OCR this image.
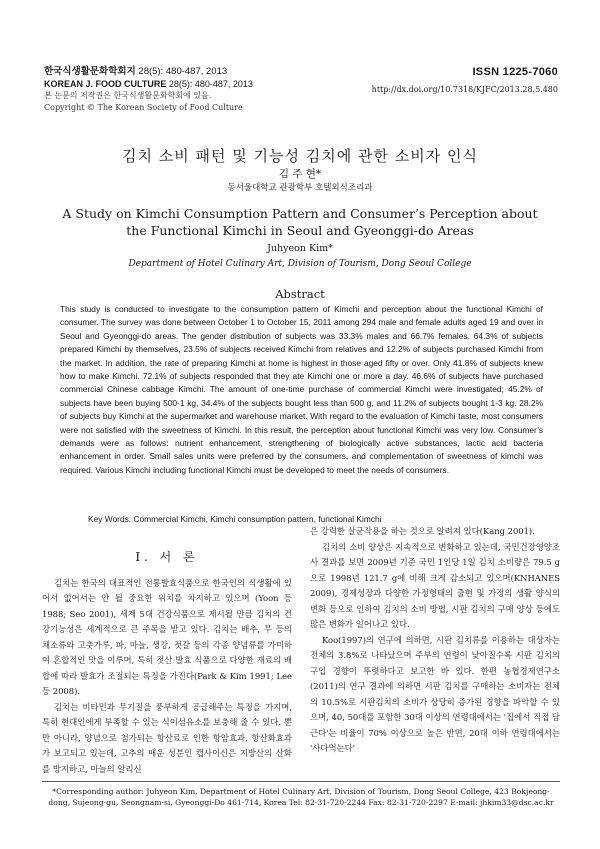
한국식생활문화학회지 28(5): 480-487, 2013
KOREAN J. FOOD CULTURE 28(5): 480-487, 2013
본 논문의 저작권은 한국식생활문화학회에 있음.
Copyright © The Korean Society of Food Culture
ISSN 1225-7060
http://dx.doi.org/10.7318/KJFC/2013.28.5.480
김치 소비 패턴 및 기능성 김치에 관한 소비자 인식
김 주 현*
동서울대학교 관광학부 호텔외식조리과
A Study on Kimchi Consumption Pattern and Consumer’s Perception about the Functional Kimchi in Seoul and Gyeonggi-do Areas
Juhyeon Kim*
Department of Hotel Culinary Art, Division of Tourism, Dong Seoul College
Abstract
This study is conducted to investigate to the consumption pattern of Kimchi and perception about the functional Kimchi of consumer. The survey was done between October 1 to October 15, 2011 among 294 male and female adults aged 19 and over in Seoul and Gyeonggi-do areas. The gender distribution of subjects was 33.3% males and 66.7% females. 64.3% of subjects prepared Kimchi by themselves, 23.5% of subjects received Kimchi from relatives and 12.2% of subjects purchased Kimchi from the market. In addition, the rate of preparing Kimchi at home is highest in those aged fifty or over. Only 41.8% of subjects knew how to make Kimchi. 72.1% of subjects responded that they ate Kimchi one or more a day. 46.6% of subjects have purchased commercial Chinese cabbage Kimchi. The amount of one-time purchase of commercial Kimchi were investigated; 45.2% of subjects have been buying 500-1 kg, 34.4% of the subjects bought less than 500 g, and 11.2% of subjects bought 1-3 kg. 28.2% of subjects buy Kimchi at the supermarket and warehouse market. With regard to the evaluation of Kimchi taste, most consumers were not satisfied with the sweetness of Kimchi. In this result, the perception about functional Kimchi was very low. Consumer’s demands were as follows: nutrient enhancement, strengthening of biologically active substances, lactic acid bacteria enhancement in order. Small sales units were preferred by the consumers, and complementation of sweetness of kimchi was required. Various Kimchi including functional Kimchi must be developed to meet the needs of consumers.
Key Words: Commercial Kimchi, Kimchi consumption pattern, functional Kimchi
Ⅰ. 서 론

김치는 한국의 대표적인 전통발효식품으로 한국인의 식생활에 있어서 없어서는 안 될 중요한 위치를 차지하고 있으며 (Yoon 등 1988; Seo 2001), 세계 5대 건강식품으로 제시될 만큼 김치의 건강기능성은 세계적으로 큰 주목을 받고 있다. 김치는 배추, 무 등의 채소류와 고춧가루, 파, 마늘, 생강, 젓갈 등의 각종 양념류를 가미하여 혼합적인 맛을 이루며, 특히 젓산 발효 식품으로 다양한 재료의 배합에 따라 발효가 조절되는 특징을 가진다(Park & Kim 1991; Lee 등 2008).

김치는 비타민과 무기질을 풍부하게 공급해주는 특징을 가지며, 특히 현대인에게 부족할 수 있는 식이섬유소를 보충해 줄 수 있다. 뿐 만 아니라, 양념으로 첨가되는 항산료로 인한 항암효과, 항산화효과가 보고되고 있는데, 고추의 매운 성분인 캡사이신은 지방산의 산화를 방지하고, 마늘의 알리신

은 강력한 살균작용을 하는 것으로 알려져 있다(Kang 2001).

김치의 소비 양상은 지속적으로 변화하고 있는데, 국민건강영양조사 결과를 보면 2009년 기준 국민 1인당 1일 김치 소비량은 79.5 g으로 1998년 121.7 g에 비해 크게 감소되고 있으며(KNHANES 2009), 경제성장과 다양한 가정형태의 출현 및 가정의 생활 양식의 변화 등으로 인하여 김치의 소비 방법, 시판 김치의 구매 양상 등에도 많은 변화가 일어나고 있다.

Koo(1997)의 연구에 의하면, 시판 김치류를 이용하는 대상자는 전체의 3.8%로 나타났으며 주부의 연령이 낮아질수록 시판 김치의 구입 경향이 뚜렷하다고 보고한 바 있다. 한편 농협경제연구소(2011)의 연구 결과에 의하면 시판 김치를 구매하는 소비자는 전체의 10.5%로 시판김치의 소비가 상당히 증가된 경향을 파악할 수 있으며, 40, 50대를 포함한 30대 이상의 연령대에서는 '집에서 직접 담근다'는 비율이 70% 이상으로 높은 반면, 20대 이하 연령대에서는 '사다먹는다'

*Corresponding author: Juhyeon Kim, Department of Hotel Culinary Art, Division of Tourism, Dong Seoul College, 423 Bokjeong-dong, Sujeong-gu, Seongnam-si, Gyeonggi-Do 461-714, Korea Tel: 82-31-720-2244 Fax: 82-31-720-2297 E-mail: jhkim33@dsc.ac.kr
